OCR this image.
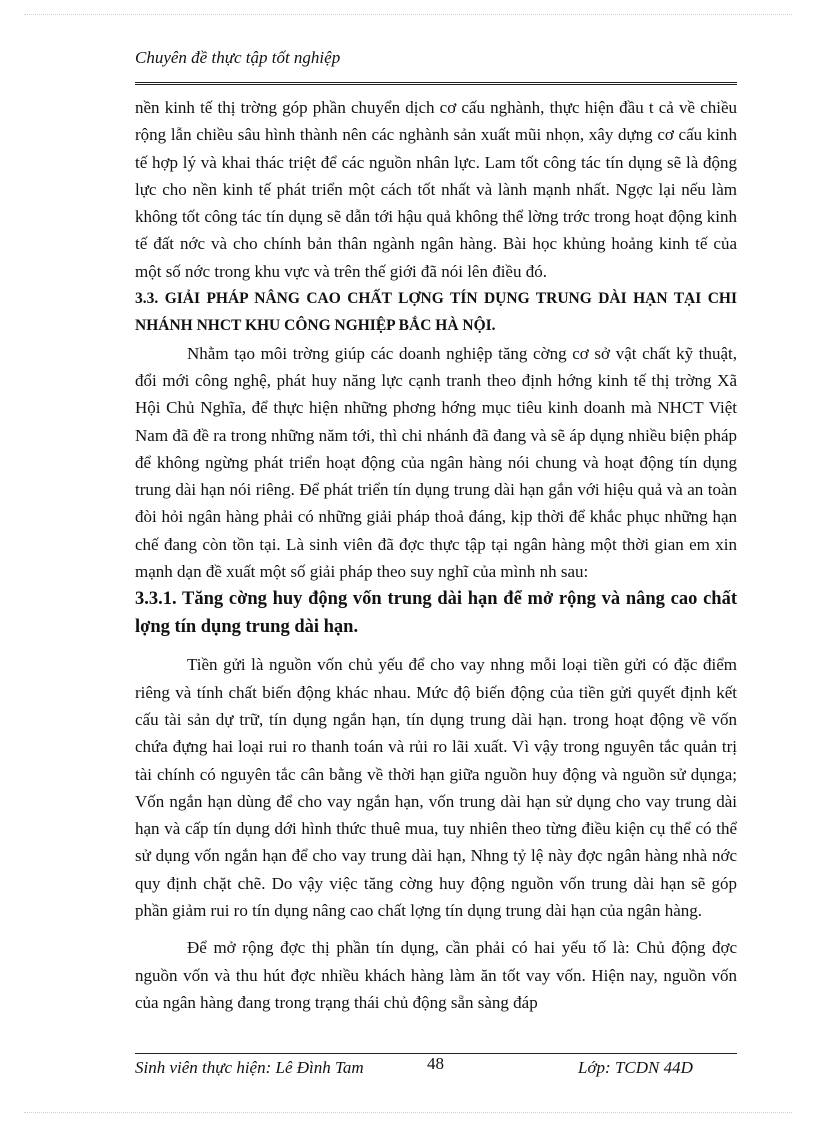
Chuyên đề thực tập tốt nghiệp

nền kinh tế thị trờng góp phần chuyển dịch cơ cấu nghành, thực hiện đầu t cả về chiều rộng lẫn chiều sâu hình thành nên các nghành sản xuất mũi nhọn, xây dựng cơ cấu kinh tế hợp lý và khai thác triệt để các nguồn nhân lực. Lam tốt công tác tín dụng sẽ là động lực cho nền kinh tế phát triển một cách tốt nhất và lành mạnh nhất. Ngợc lại nếu làm không tốt công tác tín dụng sẽ dẫn tới hậu quả không thể lờng trớc trong hoạt động kinh tế đất nớc và cho chính bản thân ngành ngân hàng. Bài học khủng hoảng kinh tế của một số nớc trong khu vực và trên thế giới đã nói lên điều đó.

3.3. GIẢI PHÁP NÂNG CAO CHẤT LỢNG TÍN DỤNG TRUNG DÀI HẠN TẠI CHI NHÁNH NHCT KHU CÔNG NGHIỆP BẮC HÀ NỘI.

Nhằm tạo môi trờng giúp các doanh nghiệp tăng cờng cơ sở vật chất kỹ thuật, đổi mới công nghệ, phát huy năng lực cạnh tranh theo định hớng kinh tế thị trờng Xã Hội Chủ Nghĩa, để thực hiện những phơng hớng mục tiêu kinh doanh mà NHCT Việt Nam đã đề ra trong những năm tới, thì chi nhánh đã đang và sẽ áp dụng nhiều biện pháp để không ngừng phát triển hoạt động của ngân hàng nói chung và hoạt động tín dụng trung dài hạn nói riêng. Để phát triển tín dụng trung dài hạn gắn với hiệu quả và an toàn đòi hỏi ngân hàng phải có những giải pháp thoả đáng, kịp thời để khắc phục những hạn chế đang còn tồn tại. Là sinh viên đã đợc thực tập tại ngân hàng một thời gian em xin mạnh dạn đề xuất một số giải pháp theo suy nghĩ của mình nh sau:

3.3.1. Tăng cờng huy động vốn trung dài hạn để mở rộng và nâng cao chất lợng tín dụng trung dài hạn.

Tiền gửi là nguồn vốn chủ yếu để cho vay nhng mỗi loại tiền gửi có đặc điểm riêng và tính chất biến động khác nhau. Mức độ biến động của tiền gửi quyết định kết cấu tài sản dự trữ, tín dụng ngắn hạn, tín dụng trung dài hạn. trong hoạt động về vốn chứa đựng hai loại rui ro thanh toán và rủi ro lãi xuất. Vì vậy trong nguyên tắc quản trị tài chính có nguyên tắc cân bằng về thời hạn giữa nguồn huy động và nguồn sử dụnga; Vốn ngắn hạn dùng để cho vay ngắn hạn, vốn trung dài hạn sử dụng cho vay trung dài hạn và cấp tín dụng dới hình thức thuê mua, tuy nhiên theo từng điều kiện cụ thể có thể sử dụng vốn ngắn hạn để cho vay trung dài hạn, Nhng tỷ lệ này đợc ngân hàng nhà nớc quy định chặt chẽ. Do vậy việc tăng cờng huy động nguồn vốn trung dài hạn sẽ góp phần giảm rui ro tín dụng nâng cao chất lợng tín dụng trung dài hạn của ngân hàng.

Để mở rộng đợc thị phần tín dụng, cần phải có hai yếu tố là: Chủ động đợc nguồn vốn và thu hút đợc nhiều khách hàng làm ăn tốt vay vốn. Hiện nay, nguồn vốn của ngân hàng đang trong trạng thái chủ động sẵn sàng đáp

Sinh viên thực hiện: Lê Đình Tam	48	Lớp: TCDN 44D
